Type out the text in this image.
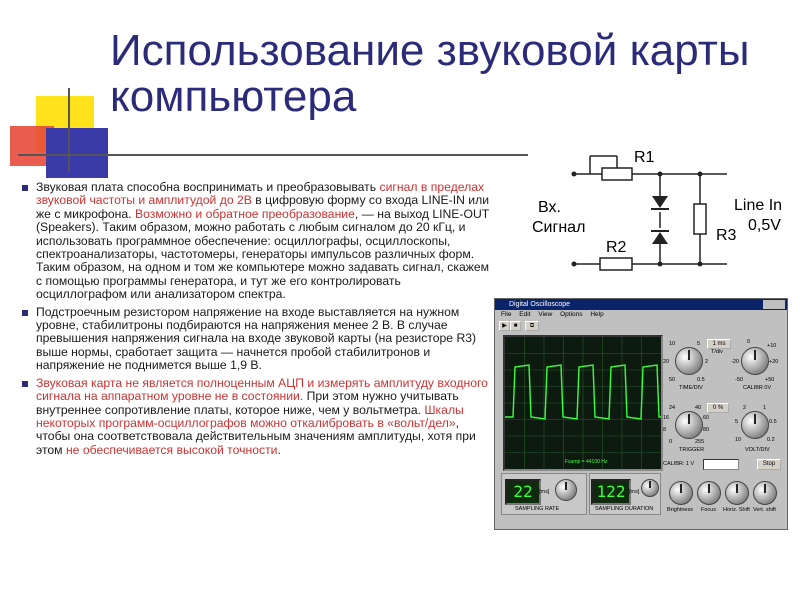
Использование звуковой карты компьютера
Звуковая плата способна воспринимать и преобразовывать сигнал в пределах звуковой частоты и амплитудой до 2В в цифровую форму со входа LINE-IN или же с микрофона. Возможно и обратное преобразование, — на выход LINE-OUT (Speakers). Таким образом, можно работать с любым сигналом до 20 кГц, и использовать программное обеспечение: осциллографы, осциллоскопы, спектроанализаторы, частотомеры, генераторы импульсов различных форм. Таким образом, на одном и том же компьютере можно задавать сигнал, скажем с помощью программы генератора, и тут же его контролировать осциллографом или анализатором спектра.
Подстроечным резистором напряжение на входе выставляется на нужном уровне, стабилитроны подбираются на напряжения менее 2 В. В случае превышения напряжения сигнала на входе звуковой карты (на резисторе R3) выше нормы, сработает защита — начнется пробой стабилитронов и напряжение не поднимется выше 1,9 В.
Звуковая карта не является полноценным АЦП и измерять амплитуду входного сигнала на аппаратном уровне не в состоянии. При этом нужно учитывать внутреннее сопротивление платы, которое ниже, чем у вольтметра. Шкалы некоторых программ-осциллографов можно откалибровать в «вольт/дел», чтобы она соответствовала действительным значениям амплитуды, хотя при этом не обеспечивается высокой точности.
R1
R2
R3
Вх.
Сигнал
Line In
0,5V
Digital Oscilloscope
File Edit View Options Help
▶	■	⧉
Fsamp = 44100 Hz
10	5
20	2
50	0.5
TIME/DIV
1 ms
T/div
0
+10
-20	+20
-50	+50
CALIBR 0V
24	40
16	60
8	80
0	255
TRIGGER
0 %	2	1
5	0.5
10	0.2
VOLT/DIV
CALIBR: 1 V	Stop
22	[ms]
SAMPLING RATE
122 [ms]
SAMPLING DURATION Brightness Focus Horiz. Shift Vert. shift
